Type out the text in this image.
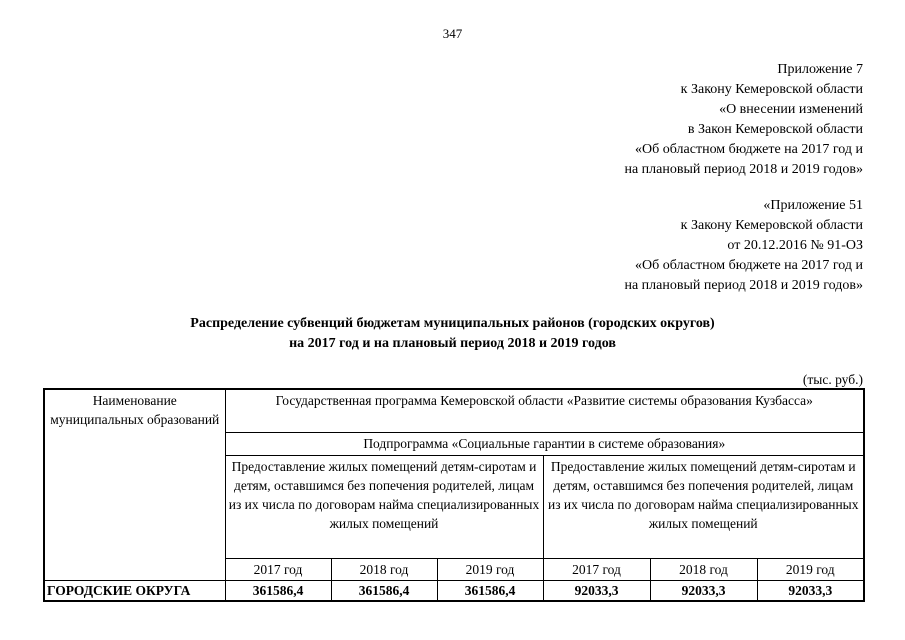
347
Приложение 7
к Закону Кемеровской области
«О внесении изменений
в Закон Кемеровской области
«Об областном бюджете на 2017 год и
на плановый период 2018 и 2019 годов»
«Приложение 51
к Закону Кемеровской области
от 20.12.2016 № 91-ОЗ
«Об областном бюджете на 2017 год и
на плановый период 2018 и 2019 годов»
Распределение субвенций бюджетам муниципальных районов (городских округов)
на 2017 год и на плановый период 2018 и 2019 годов
(тыс. руб.)
Наименование муниципальных образований	Государственная программа Кемеровской области «Развитие системы образования Кузбасса»					
	Подпрограмма «Социальные гарантии в системе образования»					
	Предоставление жилых помещений детям-сиротам и детям, оставшимся без попечения родителей, лицам из их числа по договорам найма специализированных жилых помещений			Предоставление жилых помещений детям-сиротам и детям, оставшимся без попечения родителей, лицам из их числа по договорам найма специализированных жилых помещений		
	2017 год	2018 год	2019 год	2017 год	2018 год	2019 год
ГОРОДСКИЕ ОКРУГА	361586,4	361586,4	361586,4	92033,3	92033,3	92033,3
